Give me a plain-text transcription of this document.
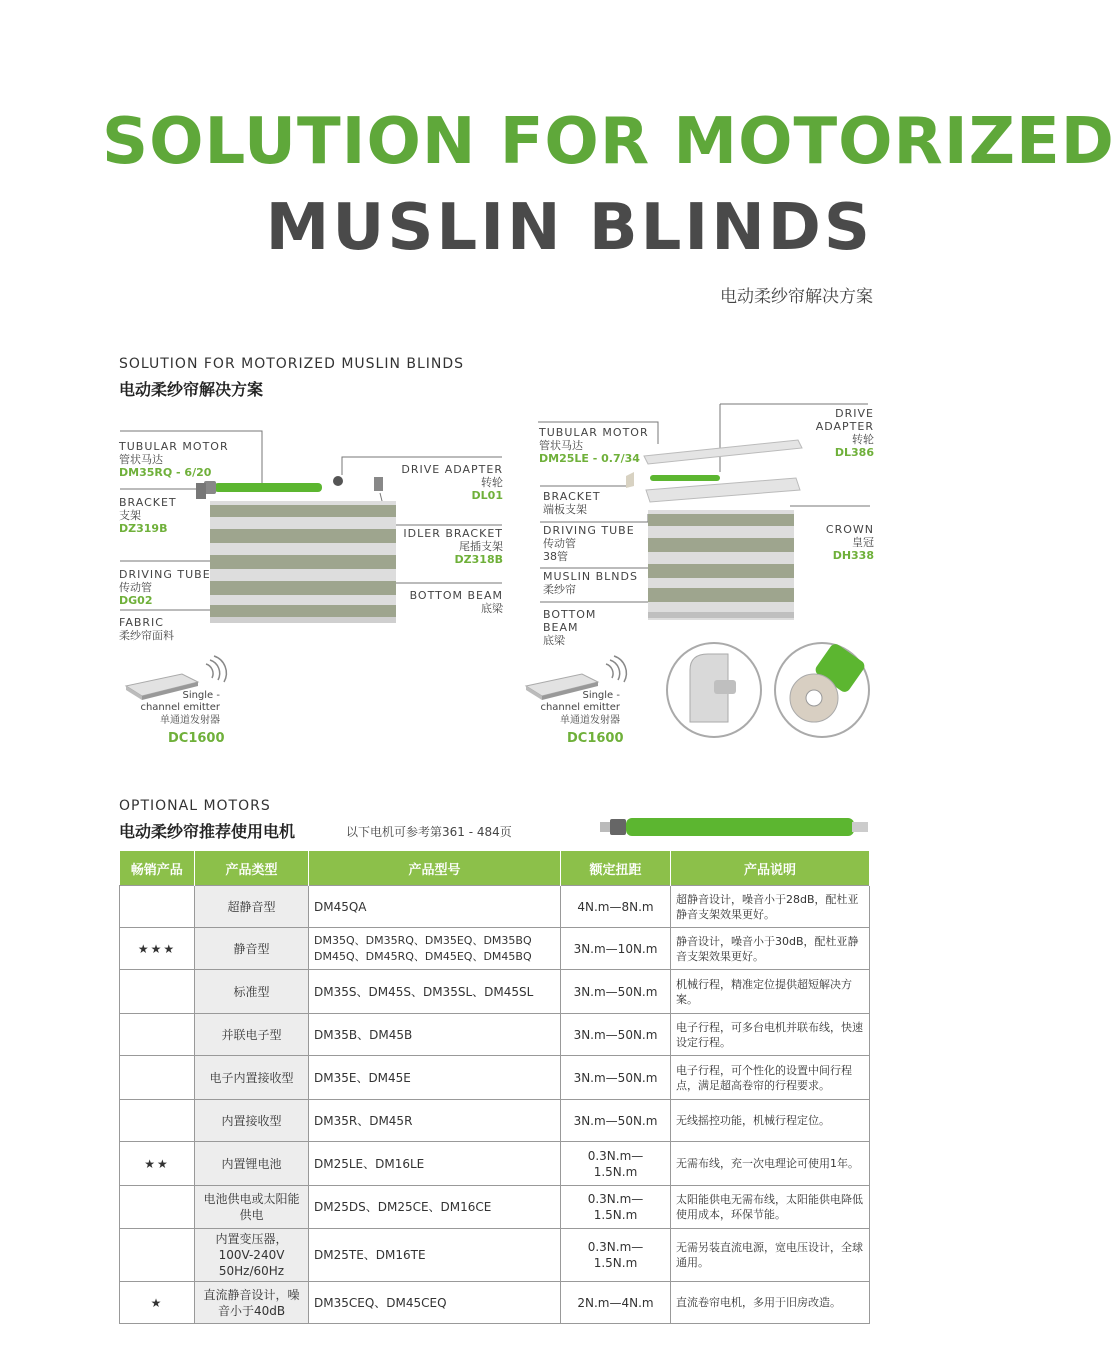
SOLUTION FOR MOTORIZED
MUSLIN BLINDS
电动柔纱帘解决方案
SOLUTION FOR MOTORIZED MUSLIN BLINDS
电动柔纱帘解决方案
TUBULAR MOTOR
管状马达
DM35RQ - 6/20
BRACKET
支架
DZ319B
DRIVING TUBE
传动管
DG02
FABRIC
柔纱帘面料
DRIVE ADAPTER
转轮
DL01
IDLER BRACKET
尾插支架
DZ318B
BOTTOM BEAM
底梁
Single -
channel emitter
单通道发射器
DC1600
TUBULAR MOTOR
管状马达
DM25LE - 0.7/34
BRACKET
端板支架
DRIVING TUBE
传动管
38管
MUSLIN BLNDS
柔纱帘
BOTTOM
BEAM
底梁
DRIVE
ADAPTER
转轮
DL386
CROWN
皇冠
DH338
Single -
channel emitter
单通道发射器
DC1600
OPTIONAL MOTORS
电动柔纱帘推荐使用电机	以下电机可参考第361 - 484页
畅销产品	产品类型	产品型号	额定扭距	产品说明
	超静音型	DM45QA	4N.m—8N.m	超静音设计，噪音小于28dB，配杜亚静音支架效果更好。
★★★	静音型	DM35Q、DM35RQ、DM35EQ、DM35BQ DM45Q、DM45RQ、DM45EQ、DM45BQ	3N.m—10N.m	静音设计，噪音小于30dB，配杜亚静音支架效果更好。
	标准型	DM35S、DM45S、DM35SL、DM45SL	3N.m—50N.m	机械行程，精准定位提供超短解决方案。
	并联电子型	DM35B、DM45B	3N.m—50N.m	电子行程，可多台电机并联布线，快速设定行程。
	电子内置接收型	DM35E、DM45E	3N.m—50N.m	电子行程，可个性化的设置中间行程点，满足超高卷帘的行程要求。
	内置接收型	DM35R、DM45R	3N.m—50N.m	无线摇控功能，机械行程定位。
★★	内置锂电池	DM25LE、DM16LE	0.3N.m—1.5N.m	无需布线，充一次电理论可使用1年。
	电池供电或太阳能供电	DM25DS、DM25CE、DM16CE	0.3N.m—1.5N.m	太阳能供电无需布线，太阳能供电降低使用成本，环保节能。
	内置变压器，100V-240V 50Hz/60Hz	DM25TE、DM16TE	0.3N.m—1.5N.m	无需另装直流电源，宽电压设计，全球通用。
★	直流静音设计，噪音小于40dB	DM35CEQ、DM45CEQ	2N.m—4N.m	直流卷帘电机，多用于旧房改造。
